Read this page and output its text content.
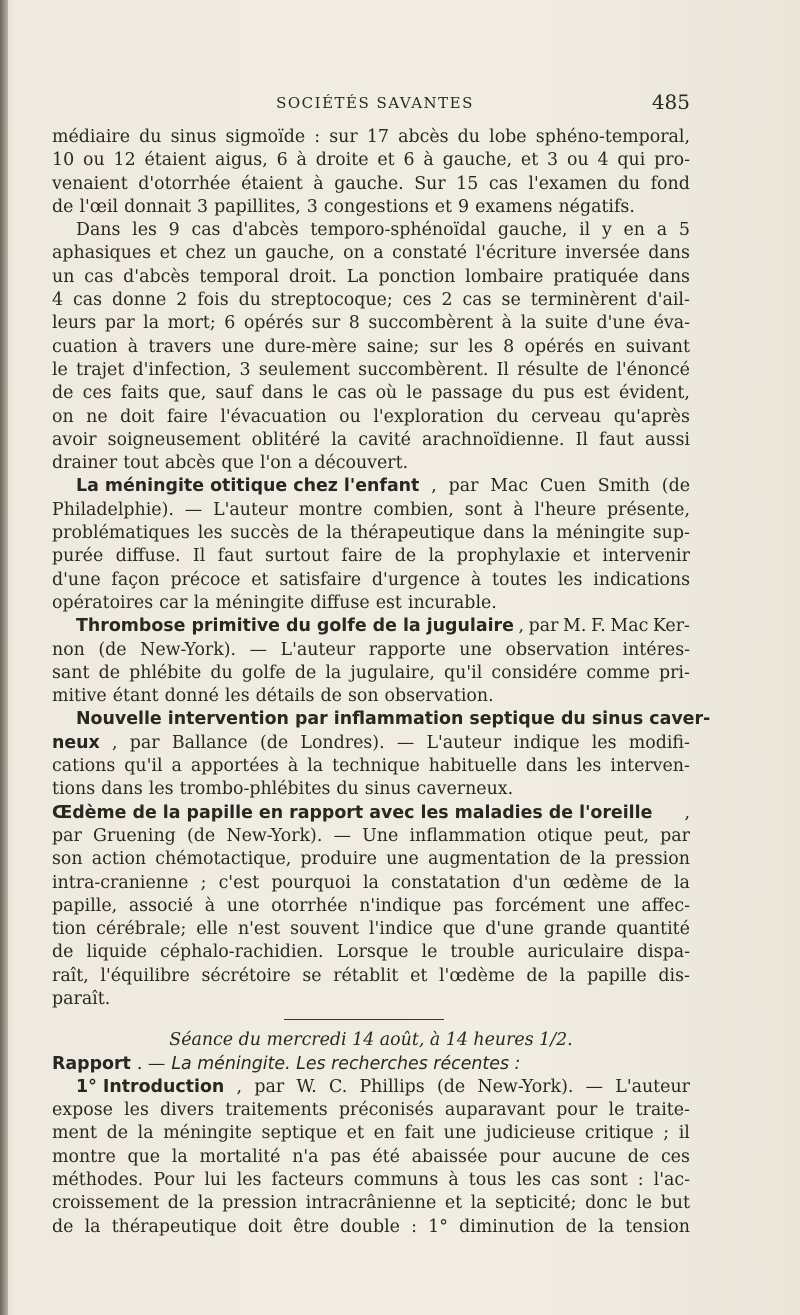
SOCIÉTÉS SAVANTES	485
médiaire du sinus sigmoïde : sur 17 abcès du lobe sphéno-temporal,
10 ou 12 étaient aigus, 6 à droite et 6 à gauche, et 3 ou 4 qui pro-
venaient d'otorrhée étaient à gauche. Sur 15 cas l'examen du fond
de l'œil donnait 3 papillites, 3 congestions et 9 examens négatifs.
Dans les 9 cas d'abcès temporo-sphénoïdal gauche, il y en a 5
aphasiques et chez un gauche, on a constaté l'écriture inversée dans
un cas d'abcès temporal droit. La ponction lombaire pratiquée dans
4 cas donne 2 fois du streptocoque; ces 2 cas se terminèrent d'ail-
leurs par la mort; 6 opérés sur 8 succombèrent à la suite d'une éva-
cuation à travers une dure-mère saine; sur les 8 opérés en suivant
le trajet d'infection, 3 seulement succombèrent. Il résulte de l'énoncé
de ces faits que, sauf dans le cas où le passage du pus est évident,
on ne doit faire l'évacuation ou l'exploration du cerveau qu'après
avoir soigneusement oblitéré la cavité arachnoïdienne. Il faut aussi
drainer tout abcès que l'on a découvert.
La méningite otitique chez l'enfant , par Mac Cuen Smith (de
Philadelphie). — L'auteur montre combien, sont à l'heure présente,
problématiques les succès de la thérapeutique dans la méningite sup-
purée diffuse. Il faut surtout faire de la prophylaxie et intervenir
d'une façon précoce et satisfaire d'urgence à toutes les indications
opératoires car la méningite diffuse est incurable.
Thrombose primitive du golfe de la jugulaire , par M. F. Mac Ker-
non (de New-York). — L'auteur rapporte une observation intéres-
sant de phlébite du golfe de la jugulaire, qu'il considére comme pri-
mitive étant donné les détails de son observation.
Nouvelle intervention par inflammation septique du sinus caver-
neux , par Ballance (de Londres). — L'auteur indique les modifi-
cations qu'il a apportées à la technique habituelle dans les interven-
tions dans les trombo-phlébites du sinus caverneux.
Œdème de la papille en rapport avec les maladies de l'oreille ,
par Gruening (de New-York). — Une inflammation otique peut, par
son action chémotactique, produire une augmentation de la pression
intra-cranienne ; c'est pourquoi la constatation d'un œdème de la
papille, associé à une otorrhée n'indique pas forcément une affec-
tion cérébrale; elle n'est souvent l'indice que d'une grande quantité
de liquide céphalo-rachidien. Lorsque le trouble auriculaire dispa-
raît, l'équilibre sécrétoire se rétablit et l'œdème de la papille dis-
paraît.
Séance du mercredi 14 août, à 14 heures 1/2.
Rapport . — La méningite. Les recherches récentes :
1° Introduction , par W. C. Phillips (de New-York). — L'auteur
expose les divers traitements préconisés auparavant pour le traite-
ment de la méningite septique et en fait une judicieuse critique ; il
montre que la mortalité n'a pas été abaissée pour aucune de ces
méthodes. Pour lui les facteurs communs à tous les cas sont : l'ac-
croissement de la pression intracrânienne et la septicité; donc le but
de la thérapeutique doit être double : 1° diminution de la tension
